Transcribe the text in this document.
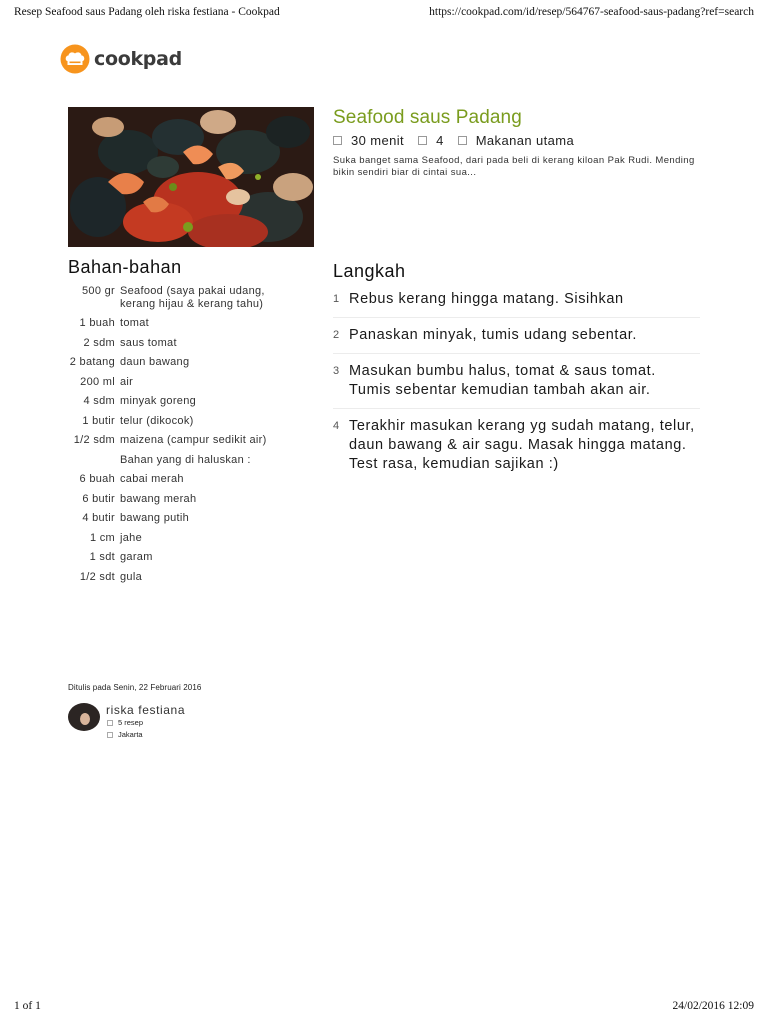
Resep Seafood saus Padang oleh riska festiana - Cookpad	https://cookpad.com/id/resep/564767-seafood-saus-padang?ref=search
cookpad
Seafood saus Padang
30 menit 4 Makanan utama
Suka banget sama Seafood, dari pada beli di kerang kiloan Pak Rudi. Mending bikin sendiri biar di cintai sua...
Bahan-bahan
500 gr Seafood (saya pakai udang, kerang hijau & kerang tahu)
1 buah tomat
2 sdm saus tomat
2 batang daun bawang
200 ml air
4 sdm minyak goreng
1 butir telur (dikocok)
1/2 sdm maizena (campur sedikit air)
Bahan yang di haluskan :
6 buah cabai merah
6 butir bawang merah
4 butir bawang putih
1 cm jahe
1 sdt garam
1/2 sdt gula
Langkah
1 Rebus kerang hingga matang. Sisihkan
2 Panaskan minyak, tumis udang sebentar.
3 Masukan bumbu halus, tomat & saus tomat. Tumis sebentar kemudian tambah akan air.
4 Terakhir masukan kerang yg sudah matang, telur, daun bawang & air sagu. Masak hingga matang.
Test rasa, kemudian sajikan :)
Ditulis pada Senin, 22 Februari 2016
riska festiana
5 resep
Jakarta
1 of 1	24/02/2016 12:09
